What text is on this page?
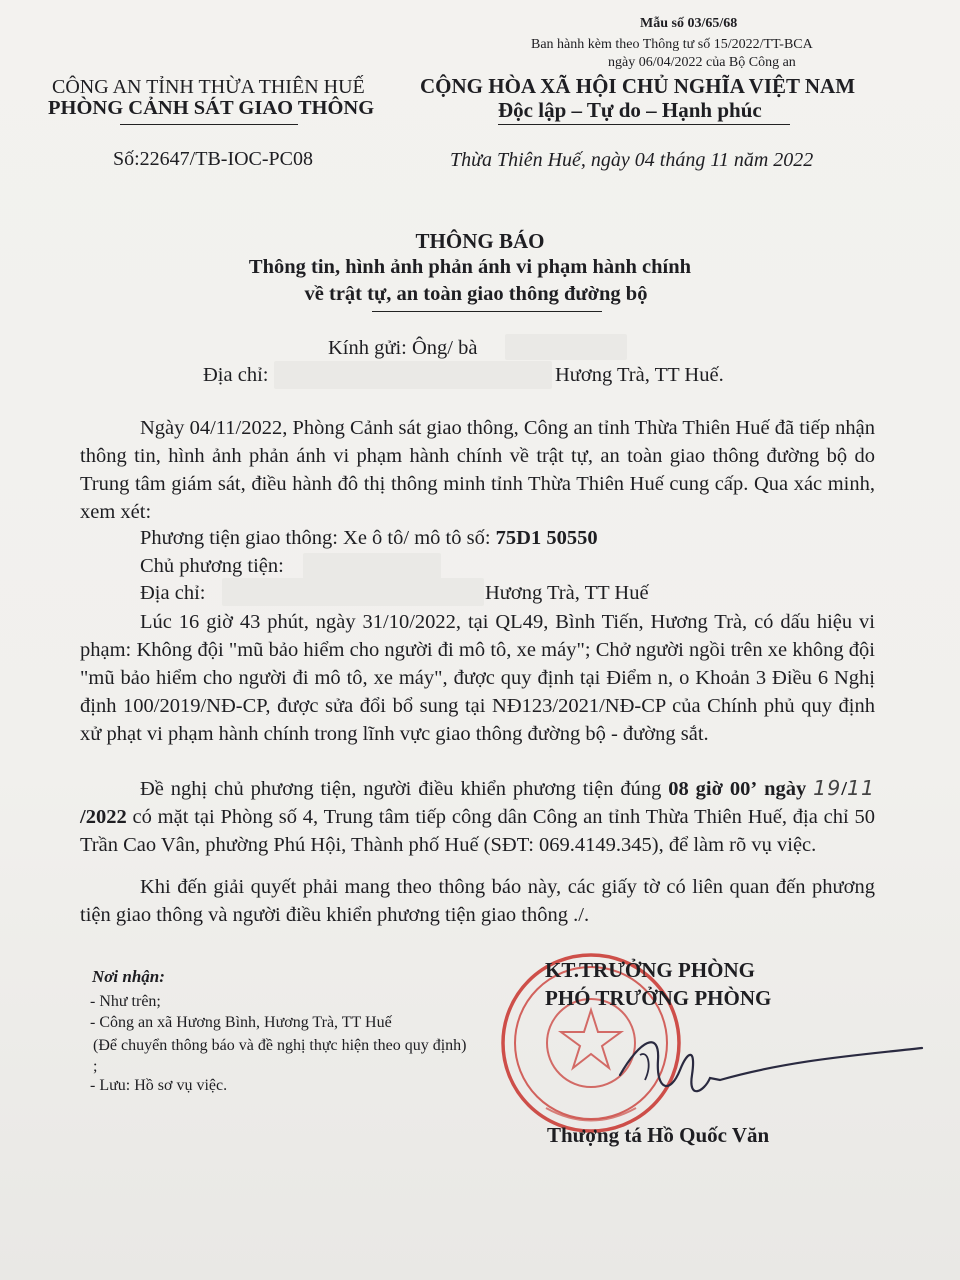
Mẫu số 03/65/68
Ban hành kèm theo Thông tư số 15/2022/TT-BCA
ngày 06/04/2022 của Bộ Công an
CÔNG AN TỈNH THỪA THIÊN HUẾ
PHÒNG CẢNH SÁT GIAO THÔNG
Số:22647/TB-IOC-PC08
CỘNG HÒA XÃ HỘI CHỦ NGHĨA VIỆT NAM
Độc lập – Tự do – Hạnh phúc
Thừa Thiên Huế, ngày 04 tháng 11 năm 2022
THÔNG BÁO
Thông tin, hình ảnh phản ánh vi phạm hành chính
về trật tự, an toàn giao thông đường bộ
Kính gửi: Ông/ bà
Địa chỉ:	Hương Trà, TT Huế.
Ngày 04/11/2022, Phòng Cảnh sát giao thông, Công an tỉnh Thừa Thiên Huế đã tiếp nhận thông tin, hình ảnh phản ánh vi phạm hành chính về trật tự, an toàn giao thông đường bộ do Trung tâm giám sát, điều hành đô thị thông minh tỉnh Thừa Thiên Huế cung cấp. Qua xác minh, xem xét:
Phương tiện giao thông: Xe ô tô/ mô tô số: 75D1 50550
Chủ phương tiện:
Địa chỉ:	Hương Trà, TT Huế
Lúc 16 giờ 43 phút, ngày 31/10/2022, tại QL49, Bình Tiến, Hương Trà, có dấu hiệu vi phạm: Không đội "mũ bảo hiểm cho người đi mô tô, xe máy"; Chở người ngồi trên xe không đội "mũ bảo hiểm cho người đi mô tô, xe máy", được quy định tại Điểm n, o Khoản 3 Điều 6 Nghị định 100/2019/NĐ-CP, được sửa đổi bổ sung tại NĐ123/2021/NĐ-CP của Chính phủ quy định xử phạt vi phạm hành chính trong lĩnh vực giao thông đường bộ - đường sắt.
Đề nghị chủ phương tiện, người điều khiển phương tiện đúng 08 giờ 00’ ngày 19/11 /2022 có mặt tại Phòng số 4, Trung tâm tiếp công dân Công an tỉnh Thừa Thiên Huế, địa chỉ 50 Trần Cao Vân, phường Phú Hội, Thành phố Huế (SĐT: 069.4149.345), để làm rõ vụ việc.
Khi đến giải quyết phải mang theo thông báo này, các giấy tờ có liên quan đến phương tiện giao thông và người điều khiển phương tiện giao thông ./.
Nơi nhận:
- Như trên;
- Công an xã Hương Bình, Hương Trà, TT Huế
(Để chuyển thông báo và đề nghị thực hiện theo quy định) ;
- Lưu: Hồ sơ vụ việc.
KT.TRƯỞNG PHÒNG
PHÓ TRƯỞNG PHÒNG
Thượng tá Hồ Quốc Văn
